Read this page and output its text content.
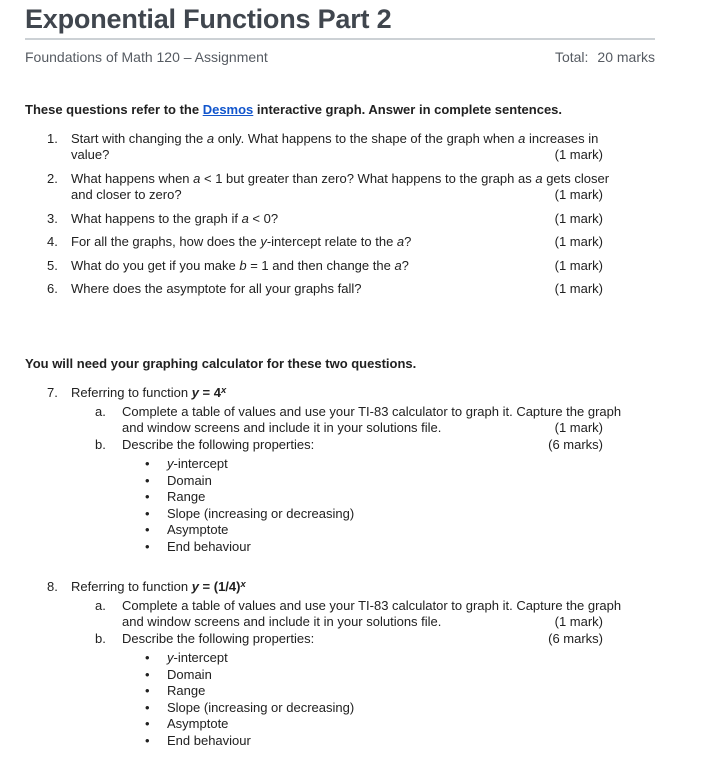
Exponential Functions Part 2
Foundations of Math 120 – Assignment	Total: 20 marks

These questions refer to the Desmos interactive graph. Answer in complete sentences.

1.	Start with changing the a only. What happens to the shape of the graph when a increases in
value?	(1 mark)
2.	What happens when a < 1 but greater than zero? What happens to the graph as a gets closer
and closer to zero?	(1 mark)
3.	What happens to the graph if a < 0?	(1 mark)
4.	For all the graphs, how does the y-intercept relate to the a?	(1 mark)
5.	What do you get if you make b = 1 and then change the a?	(1 mark)
6.	Where does the asymptote for all your graphs fall?	(1 mark)

You will need your graphing calculator for these two questions.

7.	Referring to function $y = 4^x$
a.	Complete a table of values and use your TI-83 calculator to graph it. Capture the graph
and window screens and include it in your solutions file.	(1 mark)
b.	Describe the following properties:	(6 marks)
• y-intercept
• Domain
• Range
• Slope (increasing or decreasing)
• Asymptote
• End behaviour
8.	Referring to function $y = (1/4)^x$
a.	Complete a table of values and use your TI-83 calculator to graph it. Capture the graph
and window screens and include it in your solutions file.	(1 mark)
b.	Describe the following properties:	(6 marks)
• y-intercept
• Domain
• Range
• Slope (increasing or decreasing)
• Asymptote
• End behaviour
